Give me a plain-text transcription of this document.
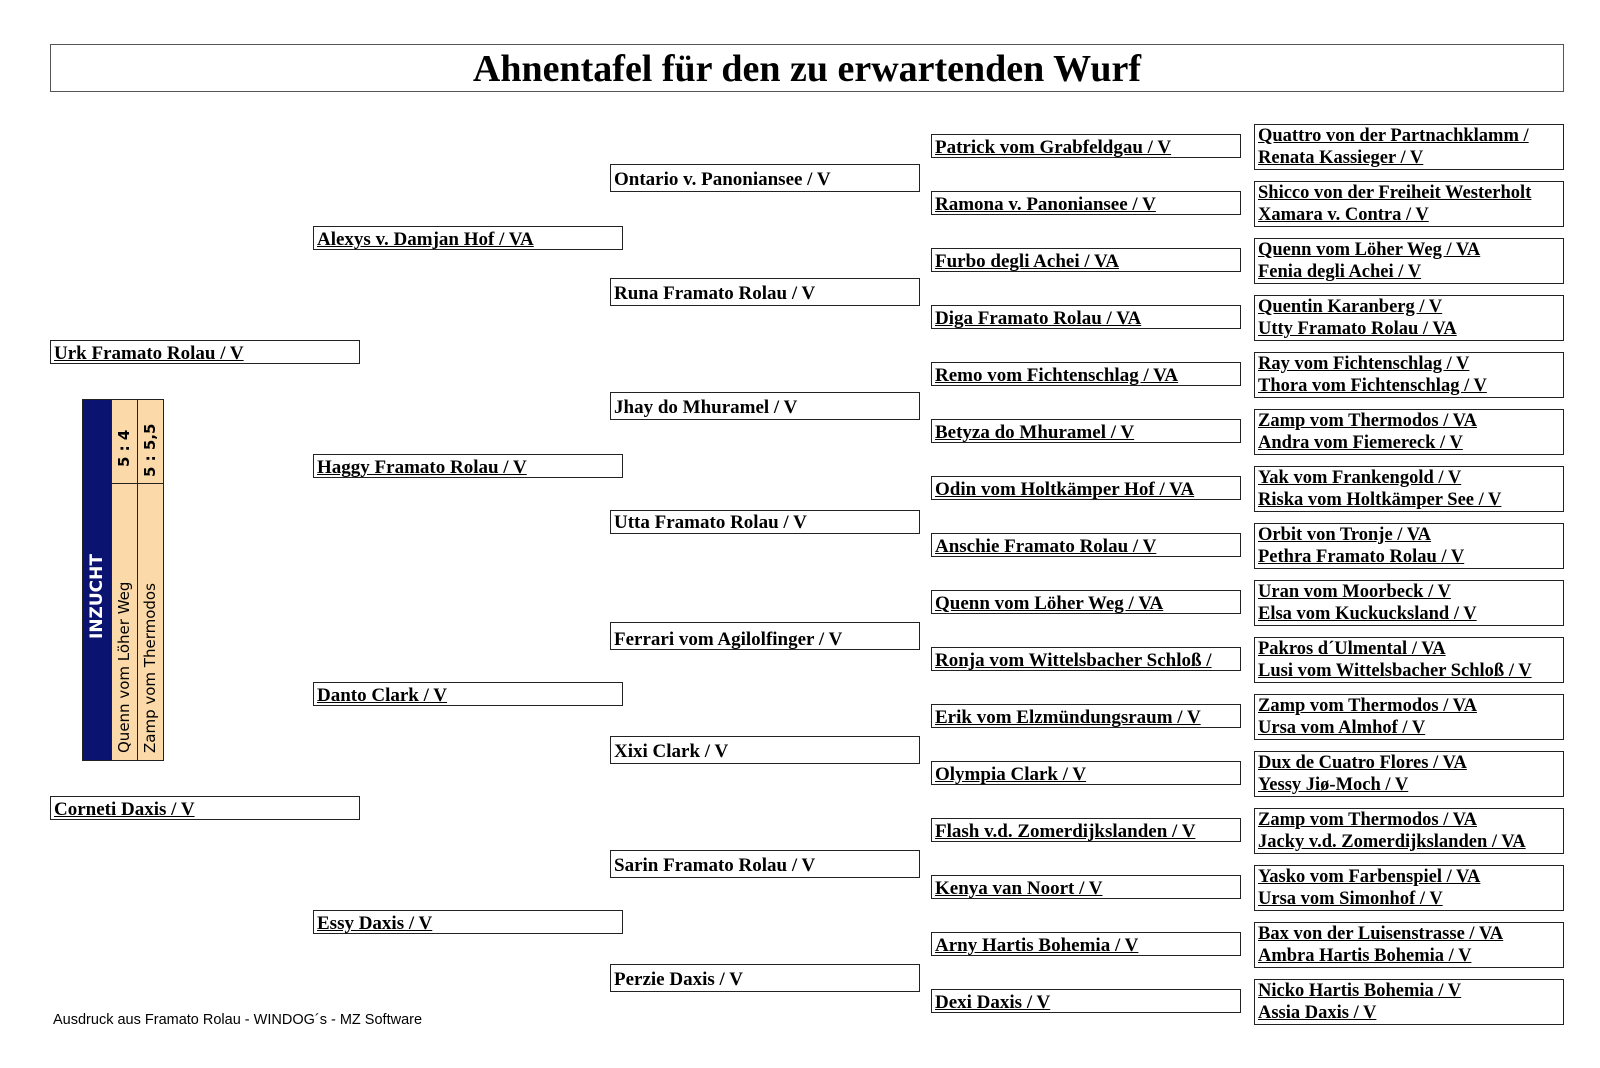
Ahnentafel für den zu erwartenden Wurf
Urk Framato Rolau / V
Corneti Daxis / V
Alexys v. Damjan Hof / VA
Haggy Framato Rolau / V
Danto Clark / V
Essy Daxis / V
Ontario v. Panoniansee / V
Runa Framato Rolau / V
Jhay do Mhuramel / V
Utta Framato Rolau / V
Ferrari vom Agilolfinger / V
Xixi Clark / V
Sarin Framato Rolau / V
Perzie Daxis / V
Patrick vom Grabfeldgau / V
Ramona v. Panoniansee / V
Furbo degli Achei / VA
Diga Framato Rolau / VA
Remo vom Fichtenschlag / VA
Betyza do Mhuramel / V
Odin vom Holtkämper Hof / VA
Anschie Framato Rolau / V
Quenn vom Löher Weg / VA
Ronja vom Wittelsbacher Schloß /
Erik vom Elzmündungsraum / V
Olympia Clark / V
Flash v.d. Zomerdijkslanden / V
Kenya van Noort / V
Arny Hartis Bohemia / V
Dexi Daxis / V
Quattro von der Partnachklamm /
Renata Kassieger / V
Shicco von der Freiheit Westerholt
Xamara v. Contra / V
Quenn vom Löher Weg / VA
Fenia degli Achei / V
Quentin Karanberg / V
Utty Framato Rolau / VA
Ray vom Fichtenschlag / V
Thora vom Fichtenschlag / V
Zamp vom Thermodos / VA
Andra vom Fiemereck / V
Yak vom Frankengold / V
Riska vom Holtkämper See / V
Orbit von Tronje / VA
Pethra Framato Rolau / V
Uran vom Moorbeck / V
Elsa vom Kuckucksland / V
Pakros d´Ulmental / VA
Lusi vom Wittelsbacher Schloß / V
Zamp vom Thermodos / VA
Ursa vom Almhof / V
Dux de Cuatro Flores / VA
Yessy Jiø-Moch / V
Zamp vom Thermodos / VA
Jacky v.d. Zomerdijkslanden / VA
Yasko vom Farbenspiel / VA
Ursa vom Simonhof / V
Bax von der Luisenstrasse / VA
Ambra Hartis Bohemia / V
Nicko Hartis Bohemia / V
Assia Daxis / V
INZUCHT
5 : 4
Quenn vom Löher Weg
5 : 5,5
Zamp vom Thermodos
Ausdruck aus Framato Rolau - WINDOG´s - MZ Software
